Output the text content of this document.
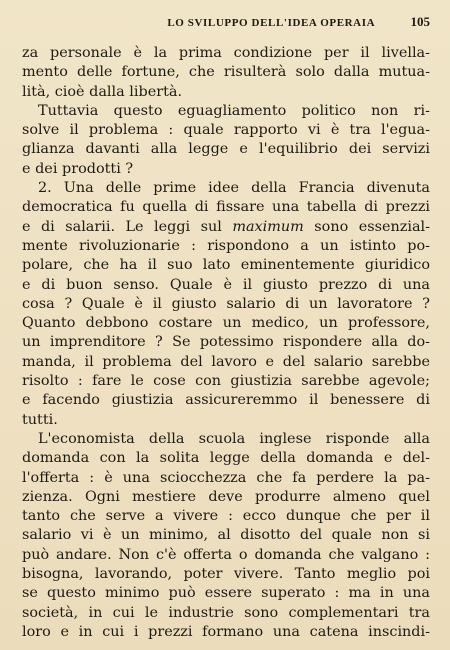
LO SVILUPPO DELL'IDEA OPERAIA	105
za personale è la prima condizione per il livella-
mento delle fortune, che risulterà solo dalla mutua-
lità, cioè dalla libertà.
Tuttavia questo eguagliamento politico non ri-
solve il problema : quale rapporto vi è tra l'egua-
glianza davanti alla legge e l'equilibrio dei servizi
e dei prodotti ?
2. Una delle prime idee della Francia divenuta
democratica fu quella di fissare una tabella di prezzi
e di salarii. Le leggi sul maximum sono essenzial-
mente rivoluzionarie : rispondono a un istinto po-
polare, che ha il suo lato eminentemente giuridico
e di buon senso. Quale è il giusto prezzo di una
cosa ? Quale è il giusto salario di un lavoratore ?
Quanto debbono costare un medico, un professore,
un imprenditore ? Se potessimo rispondere alla do-
manda, il problema del lavoro e del salario sarebbe
risolto : fare le cose con giustizia sarebbe agevole;
e facendo giustizia assicureremmo il benessere di
tutti.
L'economista della scuola inglese risponde alla
domanda con la solita legge della domanda e del-
l'offerta : è una sciocchezza che fa perdere la pa-
zienza. Ogni mestiere deve produrre almeno quel
tanto che serve a vivere : ecco dunque che per il
salario vi è un minimo, al disotto del quale non si
può andare. Non c'è offerta o domanda che valgano :
bisogna, lavorando, poter vivere. Tanto meglio poi
se questo minimo può essere superato : ma in una
società, in cui le industrie sono complementari tra
loro e in cui i prezzi formano una catena inscindi-
